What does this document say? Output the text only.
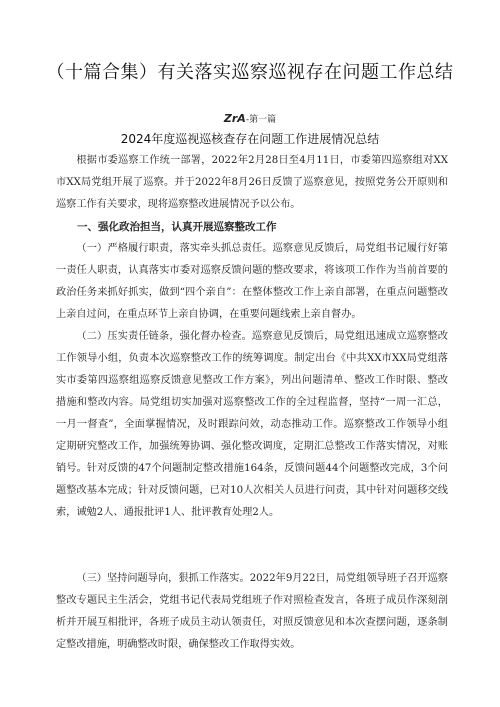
（十篇合集）有关落实巡察巡视存在问题工作总结
ZrA-第一篇
2024年度巡视巡核查存在问题工作进展情况总结

根据市委巡察工作统一部署，2022年2月28日至4月11日，市委第四巡察组对XX市XX局党组开展了巡察。并于2022年8月26日反馈了巡察意见，按照党务公开原则和巡察工作有关要求，现将巡察整改进展情况予以公布。

一、强化政治担当，认真开展巡察整改工作

（一）严格履行职责，落实牵头抓总责任。巡察意见反馈后，局党组书记履行好第一责任人职责，认真落实市委对巡察反馈问题的整改要求，将该项工作作为当前首要的政治任务来抓好抓实，做到“四个亲自”：在整体整改工作上亲自部署，在重点问题整改上亲自过问，在重点环节上亲自协调，在重要问题线索上亲自督办。

（二）压实责任链条，强化督办检查。巡察意见反馈后，局党组迅速成立巡察整改工作领导小组，负责本次巡察整改工作的统筹调度。制定出台《中共XX市XX局党组落实市委第四巡察组巡察反馈意见整改工作方案》，列出问题清单、整改工作时限、整改措施和整改内容。局党组切实加强对巡察整改工作的全过程监督，坚持“一周一汇总，一月一督查”，全面掌握情况，及时跟踪问效，动态推动工作。巡察整改工作领导小组定期研究整改工作，加强统筹协调、强化整改调度，定期汇总整改工作落实情况，对账销号。针对反馈的47个问题制定整改措施164条，反馈问题44个问题整改完成，3个问题整改基本完成；针对反馈问题，已对10人次相关人员进行问责，其中针对问题移交线索，诫勉2人、通报批评1人、批评教育处理2人。

（三）坚持问题导向，狠抓工作落实。2022年9月22日，局党组领导班子召开巡察整改专题民主生活会，党组书记代表局党组班子作对照检查发言，各班子成员作深刻剖析并开展互相批评，各班子成员主动认领责任，对照反馈意见和本次查摆问题，逐条制定整改措施，明确整改时限，确保整改工作取得实效。
